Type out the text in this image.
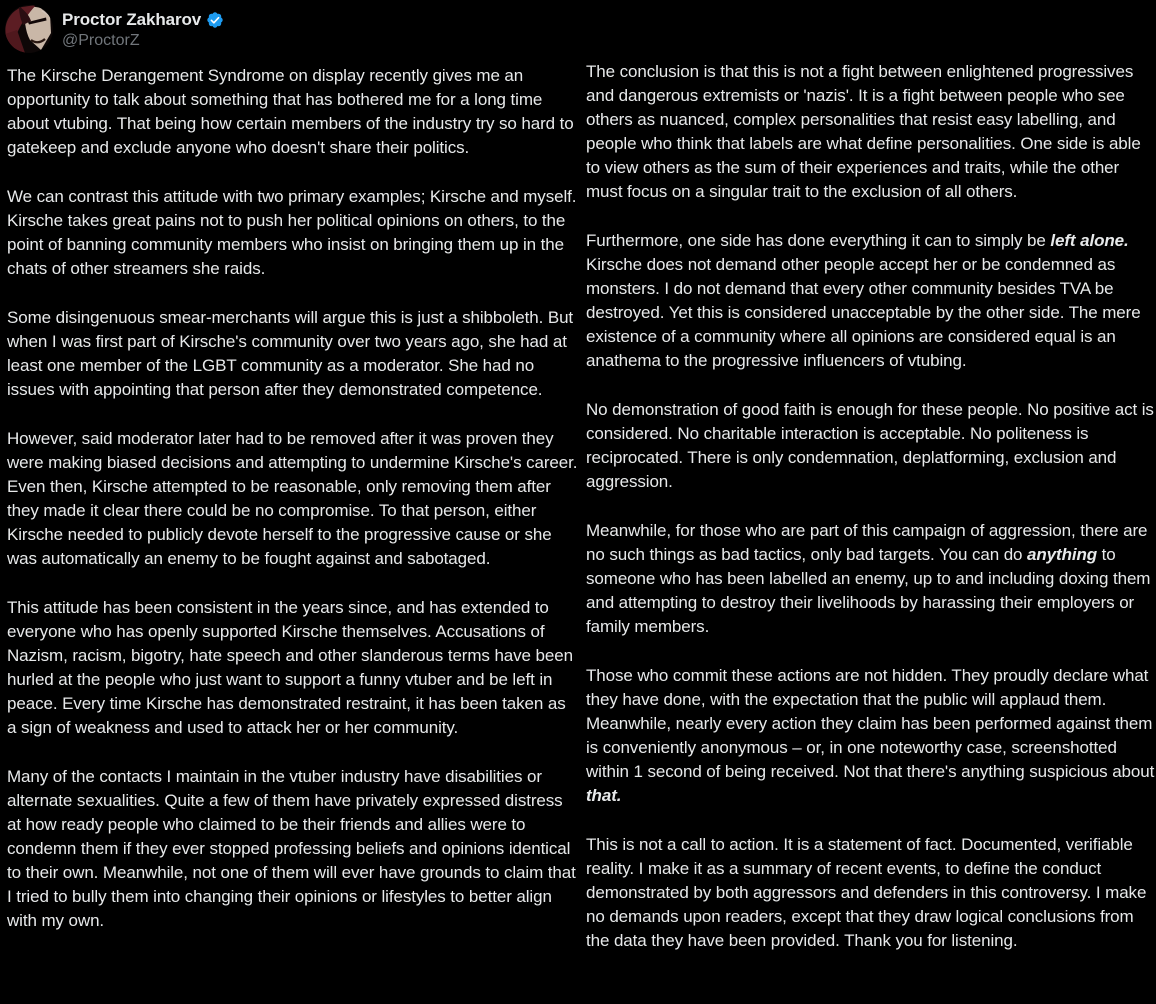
Proctor Zakharov
@ProctorZ

The Kirsche Derangement Syndrome on display recently gives me an opportunity to talk about something that has bothered me for a long time about vtubing. That being how certain members of the industry try so hard to gatekeep and exclude anyone who doesn't share their politics.

We can contrast this attitude with two primary examples; Kirsche and myself. Kirsche takes great pains not to push her political opinions on others, to the point of banning community members who insist on bringing them up in the chats of other streamers she raids.

Some disingenuous smear-merchants will argue this is just a shibboleth. But when I was first part of Kirsche's community over two years ago, she had at least one member of the LGBT community as a moderator. She had no issues with appointing that person after they demonstrated competence.

However, said moderator later had to be removed after it was proven they were making biased decisions and attempting to undermine Kirsche's career. Even then, Kirsche attempted to be reasonable, only removing them after they made it clear there could be no compromise. To that person, either Kirsche needed to publicly devote herself to the progressive cause or she was automatically an enemy to be fought against and sabotaged.

This attitude has been consistent in the years since, and has extended to everyone who has openly supported Kirsche themselves. Accusations of Nazism, racism, bigotry, hate speech and other slanderous terms have been hurled at the people who just want to support a funny vtuber and be left in peace. Every time Kirsche has demonstrated restraint, it has been taken as a sign of weakness and used to attack her or her community.

Many of the contacts I maintain in the vtuber industry have disabilities or alternate sexualities. Quite a few of them have privately expressed distress at how ready people who claimed to be their friends and allies were to condemn them if they ever stopped professing beliefs and opinions identical to their own. Meanwhile, not one of them will ever have grounds to claim that I tried to bully them into changing their opinions or lifestyles to better align with my own.

The conclusion is that this is not a fight between enlightened progressives and dangerous extremists or 'nazis'. It is a fight between people who see others as nuanced, complex personalities that resist easy labelling, and people who think that labels are what define personalities. One side is able to view others as the sum of their experiences and traits, while the other must focus on a singular trait to the exclusion of all others.

Furthermore, one side has done everything it can to simply be left alone. Kirsche does not demand other people accept her or be condemned as monsters. I do not demand that every other community besides TVA be destroyed. Yet this is considered unacceptable by the other side. The mere existence of a community where all opinions are considered equal is an anathema to the progressive influencers of vtubing.

No demonstration of good faith is enough for these people. No positive act is considered. No charitable interaction is acceptable. No politeness is reciprocated. There is only condemnation, deplatforming, exclusion and aggression.

Meanwhile, for those who are part of this campaign of aggression, there are no such things as bad tactics, only bad targets. You can do anything to someone who has been labelled an enemy, up to and including doxing them and attempting to destroy their livelihoods by harassing their employers or family members.

Those who commit these actions are not hidden. They proudly declare what they have done, with the expectation that the public will applaud them. Meanwhile, nearly every action they claim has been performed against them is conveniently anonymous – or, in one noteworthy case, screenshotted within 1 second of being received. Not that there's anything suspicious about that.

This is not a call to action. It is a statement of fact. Documented, verifiable reality. I make it as a summary of recent events, to define the conduct demonstrated by both aggressors and defenders in this controversy. I make no demands upon readers, except that they draw logical conclusions from the data they have been provided. Thank you for listening.
